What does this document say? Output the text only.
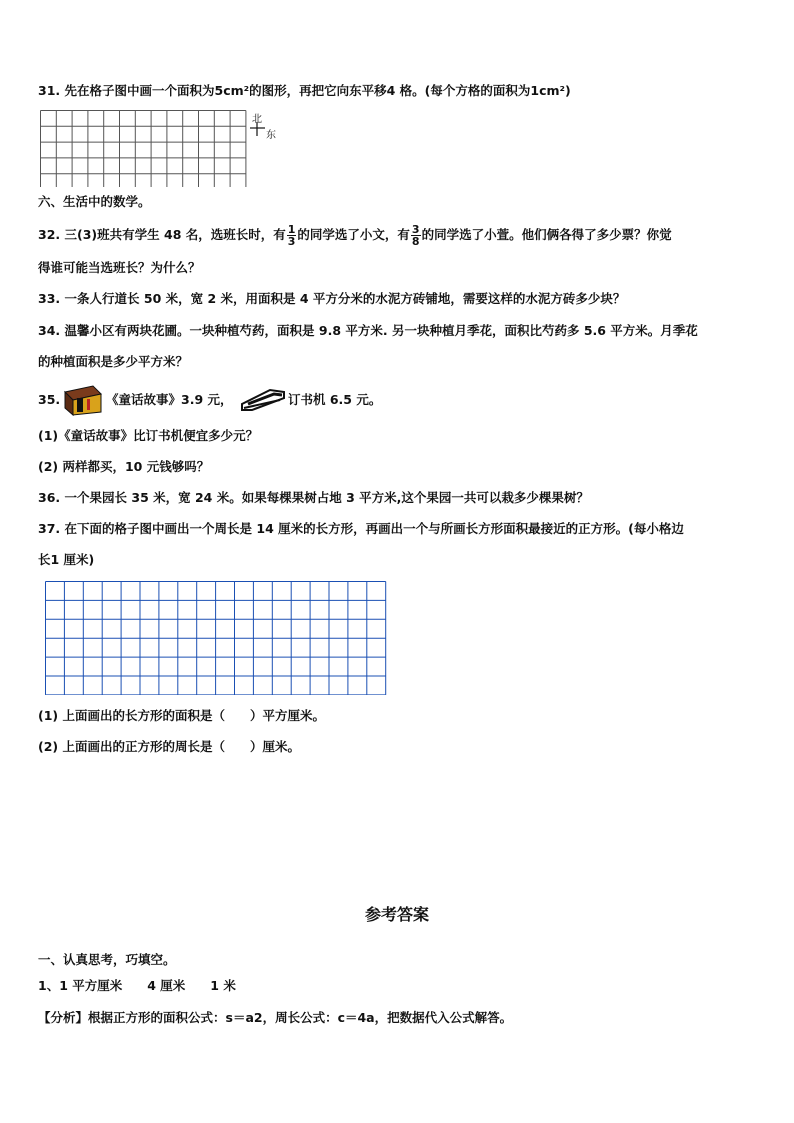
31. 先在格子图中画一个面积为5cm²的图形，再把它向东平移4 格。(每个方格的面积为1cm²)
北
东
六、生活中的数学。
32. 三(3)班共有学生 48 名，选班长时，有 $\frac{1}{3}$ 的同学选了小文，有 $\frac{3}{8}$ 的同学选了小萱。他们俩各得了多少票？你觉
得谁可能当选班长？为什么？
33. 一条人行道长 50 米，宽 2 米，用面积是 4 平方分米的水泥方砖铺地，需要这样的水泥方砖多少块？
34. 温馨小区有两块花圃。一块种植芍药，面积是 9.8 平方米. 另一块种植月季花，面积比芍药多 5.6 平方米。月季花
的种植面积是多少平方米？
35.	《童话故事》3.9 元，	订书机 6.5 元。
(1)《童话故事》比订书机便宜多少元？
(2) 两样都买，10 元钱够吗？
36. 一个果园长 35 米，宽 24 米。如果每棵果树占地 3 平方米,这个果园一共可以栽多少棵果树？
37. 在下面的格子图中画出一个周长是 14 厘米的长方形，再画出一个与所画长方形面积最接近的正方形。(每小格边
长1 厘米)
(1) 上面画出的长方形的面积是（　　）平方厘米。
(2) 上面画出的正方形的周长是（　　）厘米。
参考答案
一、认真思考，巧填空。
1、1 平方厘米　　4 厘米　　1 米
【分析】根据正方形的面积公式：s＝a2，周长公式：c＝4a，把数据代入公式解答。
